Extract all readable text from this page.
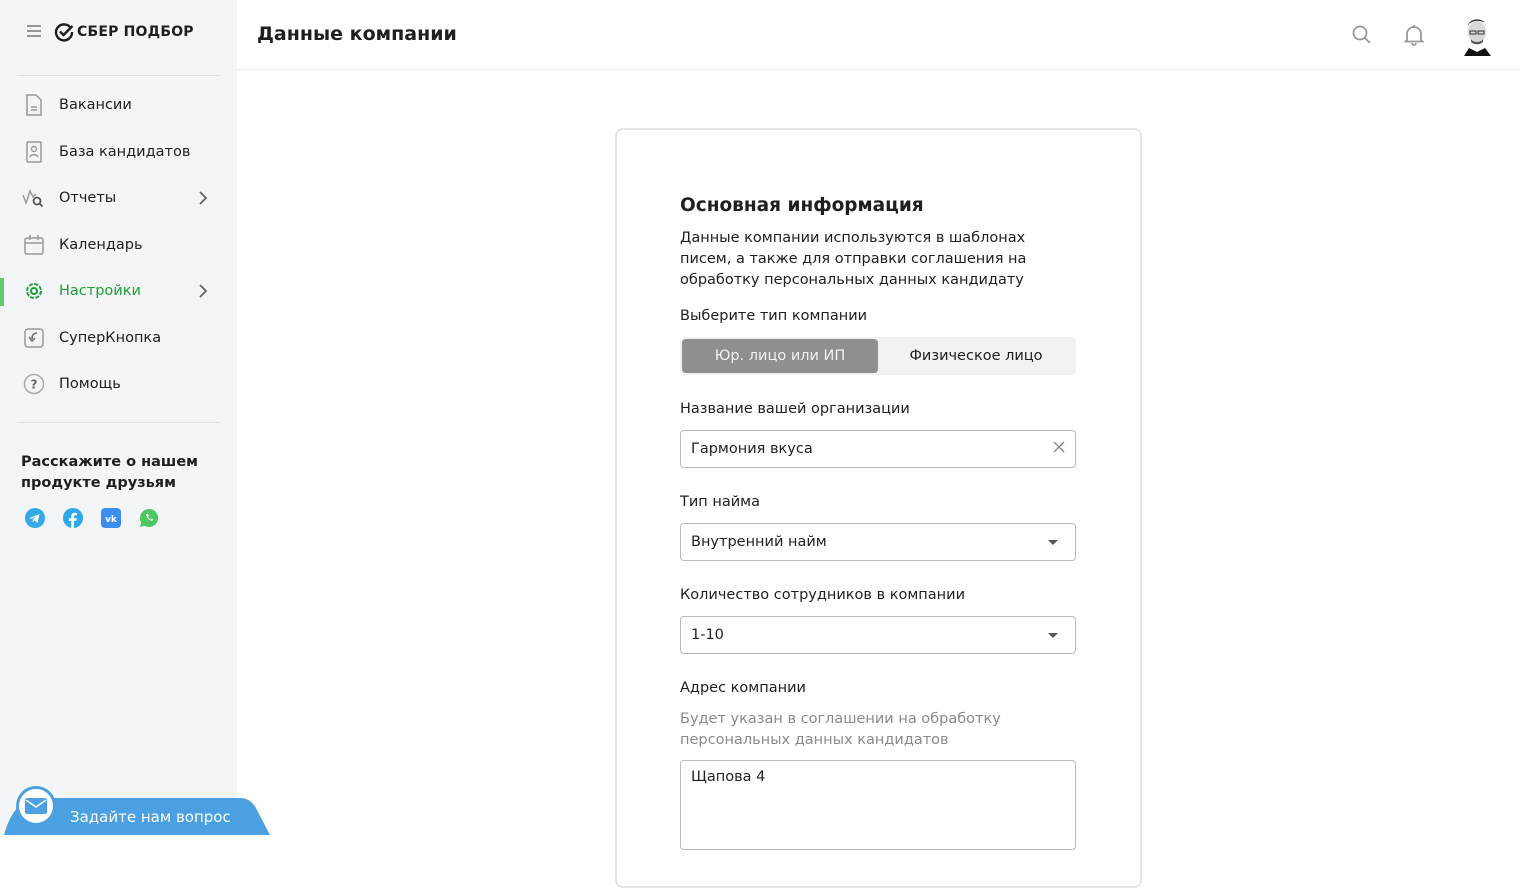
СБЕР ПОДБОР
Вакансии
База кандидатов
Отчеты
Календарь
Настройки
СуперКнопка
? Помощь
Расскажите о нашем продукте друзьям
vk
Задайте нам вопрос
Данные компании
Основная информация
Данные компании используются в шаблонах писем, а также для отправки соглашения на обработку персональных данных кандидату
Выберите тип компании
Юр. лицо или ИП	Физическое лицо
Название вашей организации
Гармония вкуса
Тип найма
Внутренний найм
Количество сотрудников в компании
1-10
Адрес компании
Будет указан в соглашении на обработку персональных данных кандидатов
Щапова 4
